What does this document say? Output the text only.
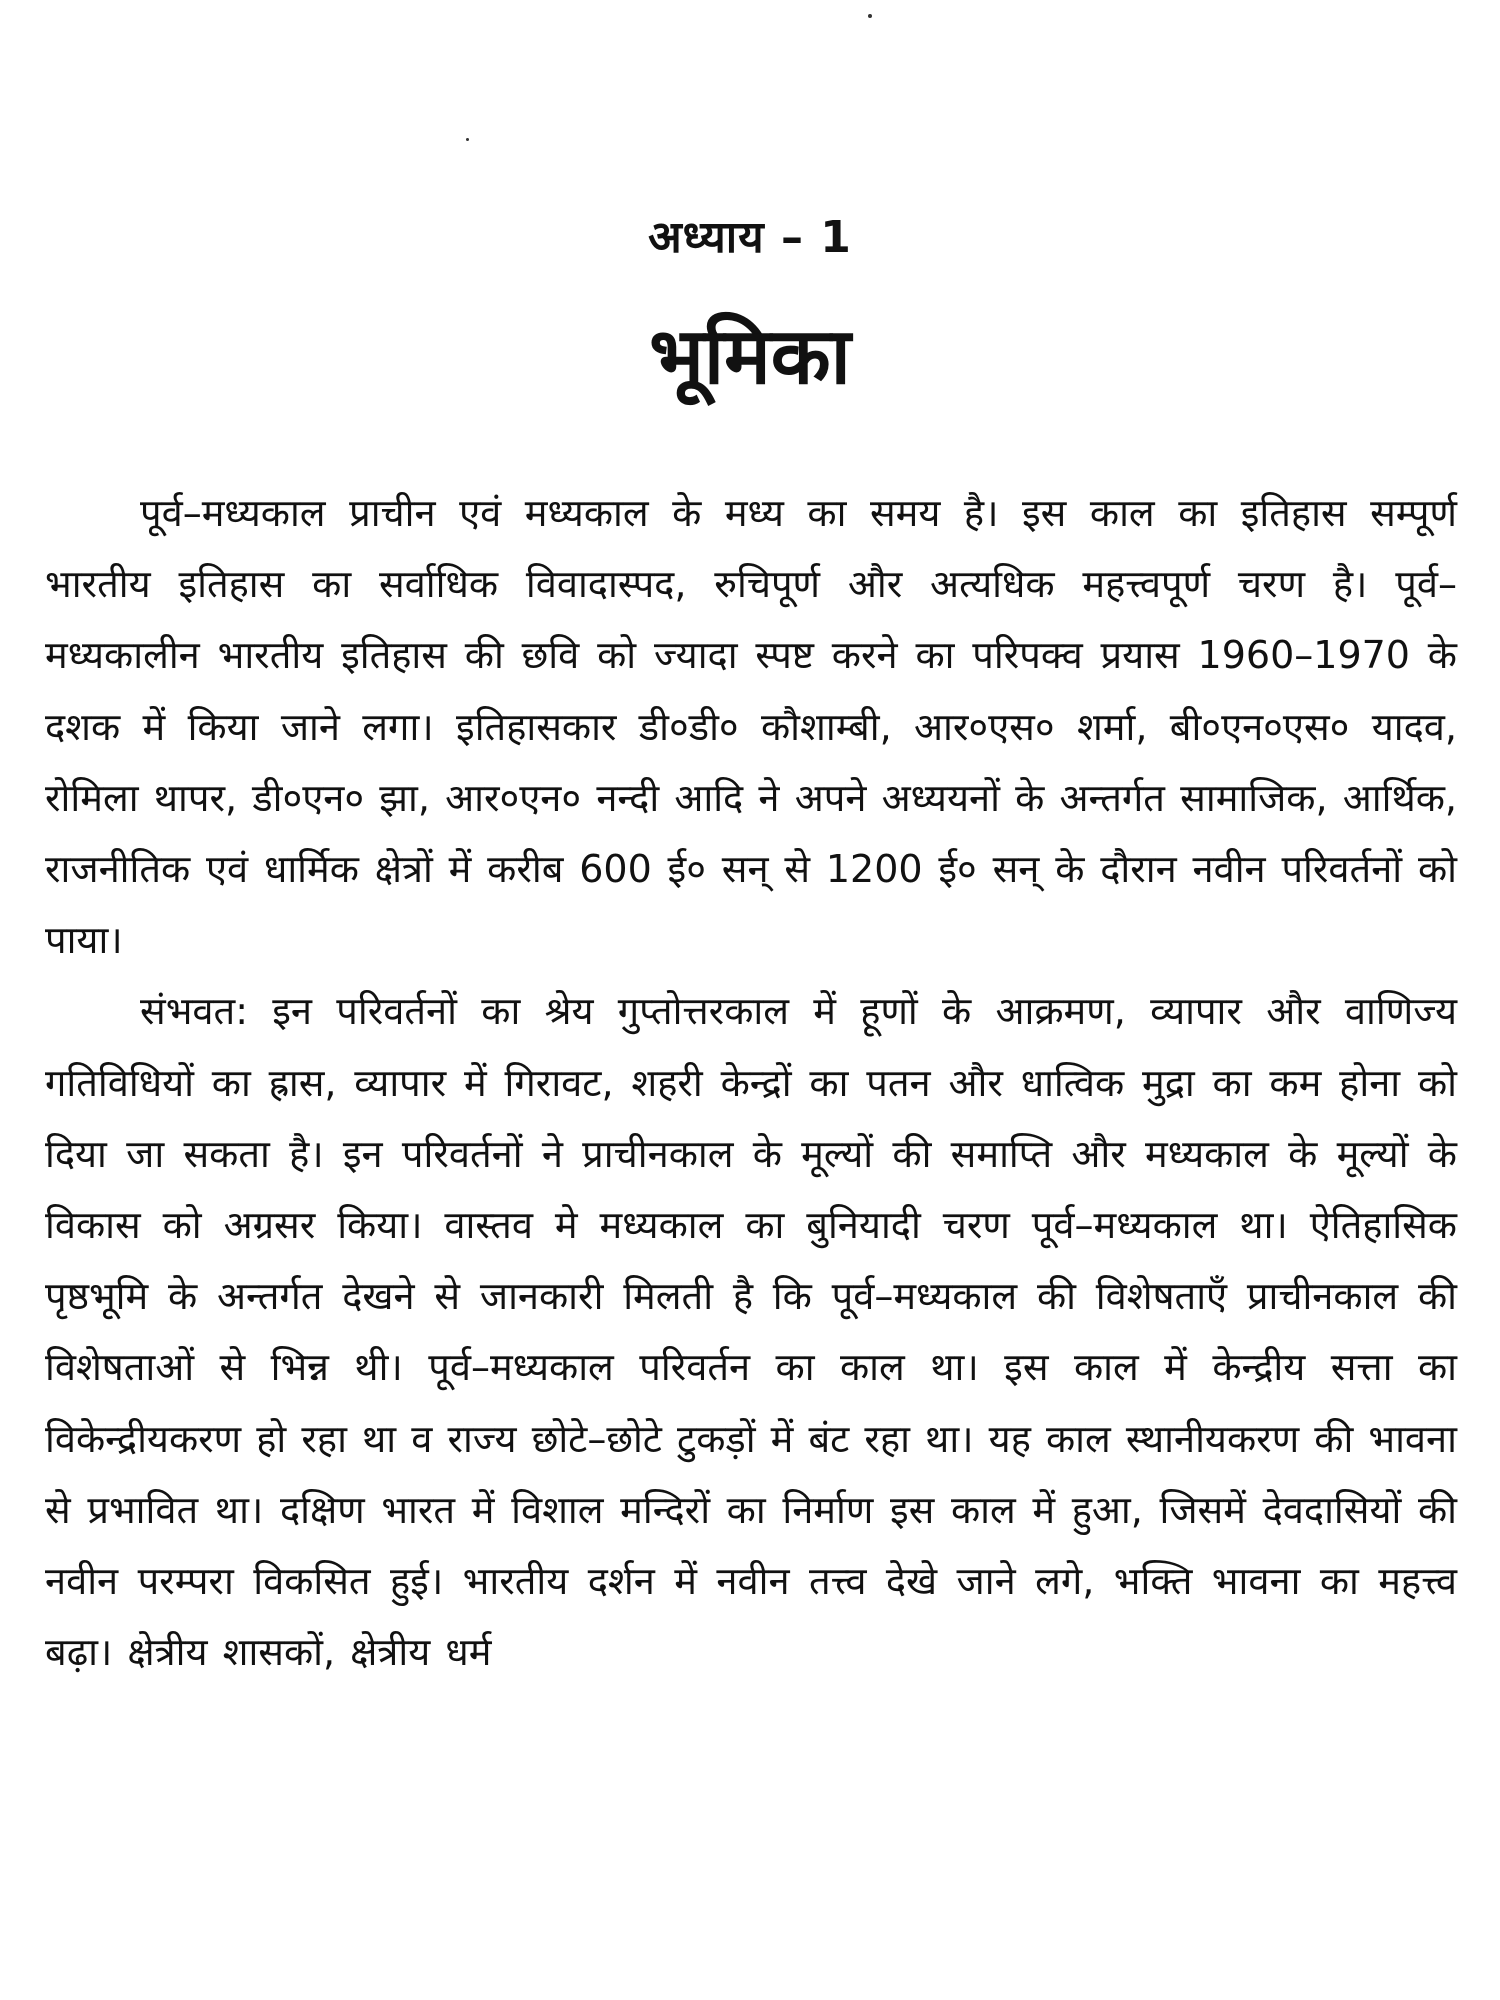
अध्याय – 1
भूमिका

पूर्व–मध्यकाल प्राचीन एवं मध्यकाल के मध्य का समय है। इस काल का इतिहास सम्पूर्ण भारतीय इतिहास का सर्वाधिक विवादास्पद, रुचिपूर्ण और अत्यधिक महत्त्वपूर्ण चरण है। पूर्व–मध्यकालीन भारतीय इतिहास की छवि को ज्यादा स्पष्ट करने का परिपक्व प्रयास 1960–1970 के दशक में किया जाने लगा। इतिहासकार डी०डी० कौशाम्बी, आर०एस० शर्मा, बी०एन०एस० यादव, रोमिला थापर, डी०एन० झा, आर०एन० नन्दी आदि ने अपने अध्ययनों के अन्तर्गत सामाजिक, आर्थिक, राजनीतिक एवं धार्मिक क्षेत्रों में करीब 600 ई० सन् से 1200 ई० सन् के दौरान नवीन परिवर्तनों को पाया।

संभवत: इन परिवर्तनों का श्रेय गुप्तोत्तरकाल में हूणों के आक्रमण, व्यापार और वाणिज्य गतिविधियों का ह्रास, व्यापार में गिरावट, शहरी केन्द्रों का पतन और धात्विक मुद्रा का कम होना को दिया जा सकता है। इन परिवर्तनों ने प्राचीनकाल के मूल्यों की समाप्ति और मध्यकाल के मूल्यों के विकास को अग्रसर किया। वास्तव मे मध्यकाल का बुनियादी चरण पूर्व–मध्यकाल था। ऐतिहासिक पृष्ठभूमि के अन्तर्गत देखने से जानकारी मिलती है कि पूर्व–मध्यकाल की विशेषताएँ प्राचीनकाल की विशेषताओं से भिन्न थी। पूर्व–मध्यकाल परिवर्तन का काल था। इस काल में केन्द्रीय सत्ता का विकेन्द्रीयकरण हो रहा था व राज्य छोटे–छोटे टुकड़ों में बंट रहा था। यह काल स्थानीयकरण की भावना से प्रभावित था। दक्षिण भारत में विशाल मन्दिरों का निर्माण इस काल में हुआ, जिसमें देवदासियों की नवीन परम्परा विकसित हुई। भारतीय दर्शन में नवीन तत्त्व देखे जाने लगे, भक्ति भावना का महत्त्व बढ़ा। क्षेत्रीय शासकों, क्षेत्रीय धर्म
